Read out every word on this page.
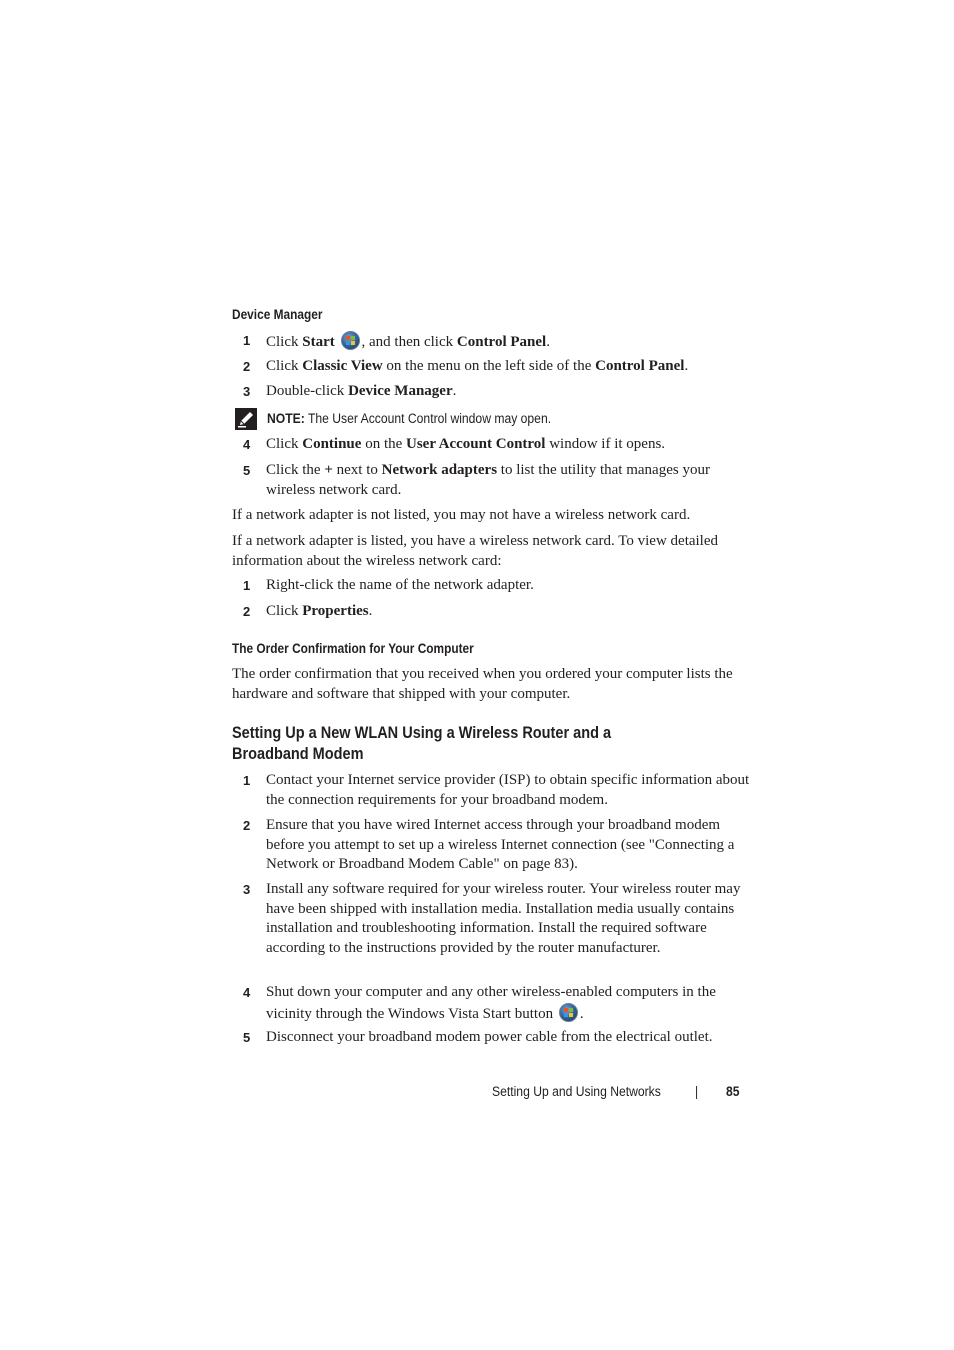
Device Manager
1 Click Start , and then click Control Panel.
2 Click Classic View on the menu on the left side of the Control Panel.
3 Double-click Device Manager.
NOTE: The User Account Control window may open.
4 Click Continue on the User Account Control window if it opens.
5 Click the + next to Network adapters to list the utility that manages your wireless network card.
If a network adapter is not listed, you may not have a wireless network card.
If a network adapter is listed, you have a wireless network card. To view detailed information about the wireless network card:
1 Right-click the name of the network adapter.
2 Click Properties.
The Order Confirmation for Your Computer
The order confirmation that you received when you ordered your computer lists the hardware and software that shipped with your computer.
Setting Up a New WLAN Using a Wireless Router and a
Broadband Modem
1 Contact your Internet service provider (ISP) to obtain specific information about the connection requirements for your broadband modem.
2 Ensure that you have wired Internet access through your broadband modem before you attempt to set up a wireless Internet connection (see "Connecting a Network or Broadband Modem Cable" on page 83).
3 Install any software required for your wireless router. Your wireless router may have been shipped with installation media. Installation media usually contains installation and troubleshooting information. Install the required software according to the instructions provided by the router manufacturer.
4 Shut down your computer and any other wireless-enabled computers in the vicinity through the Windows Vista Start button .
5 Disconnect your broadband modem power cable from the electrical outlet.
Setting Up and Using Networks	| 85
